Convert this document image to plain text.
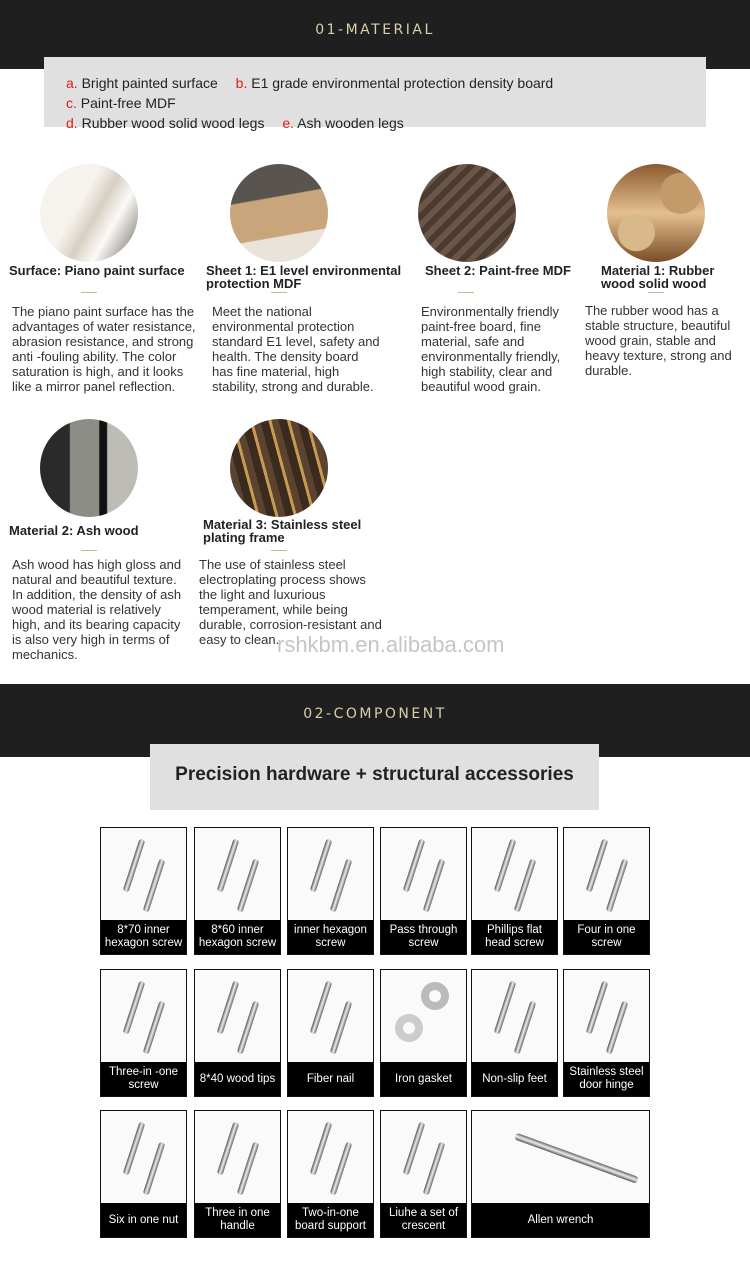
01-MATERIAL
a. Bright painted surface b. E1 grade environmental protection density board c. Paint-free MDF
d. Rubber wood solid wood legs e. Ash wooden legs
Surface: Piano paint surface	Sheet 1: E1 level environmental protection MDF
Sheet 2: Paint-free MDF	Material 1: Rubber wood solid wood
The piano paint surface has the advantages of water resistance, abrasion resistance, and strong anti -fouling ability. The color saturation is high, and it looks like a mirror panel reflection.
Meet the national environmental protection standard E1 level, safety and health. The density board has fine material, high stability, strong and durable.
Environmentally friendly paint-free board, fine material, safe and environmentally friendly, high stability, clear and beautiful wood grain.
The rubber wood has a stable structure, beautiful wood grain, stable and heavy texture, strong and durable.
Material 2: Ash wood	Material 3: Stainless steel plating frame
Ash wood has high gloss and natural and beautiful texture. In addition, the density of ash wood material is relatively high, and its bearing capacity is also very high in terms of mechanics.
The use of stainless steel electroplating process shows the light and luxurious temperament, while being durable, corrosion-resistant and easy to clean.
rshkbm.en.alibaba.com
02-COMPONENT
Precision hardware + structural accessories
8*70 inner hexagon screw
8*60 inner hexagon screw
inner hexagon screw
Pass through screw
Phillips flat head screw
Four in one screw
Three-in -one screw
8*40 wood tips	Fiber nail	Iron gasket	Non-slip feet
Stainless steel door hinge
Six in one nut
Three in one handle
Two-in-one board support
Liuhe a set of crescent
Allen wrench
